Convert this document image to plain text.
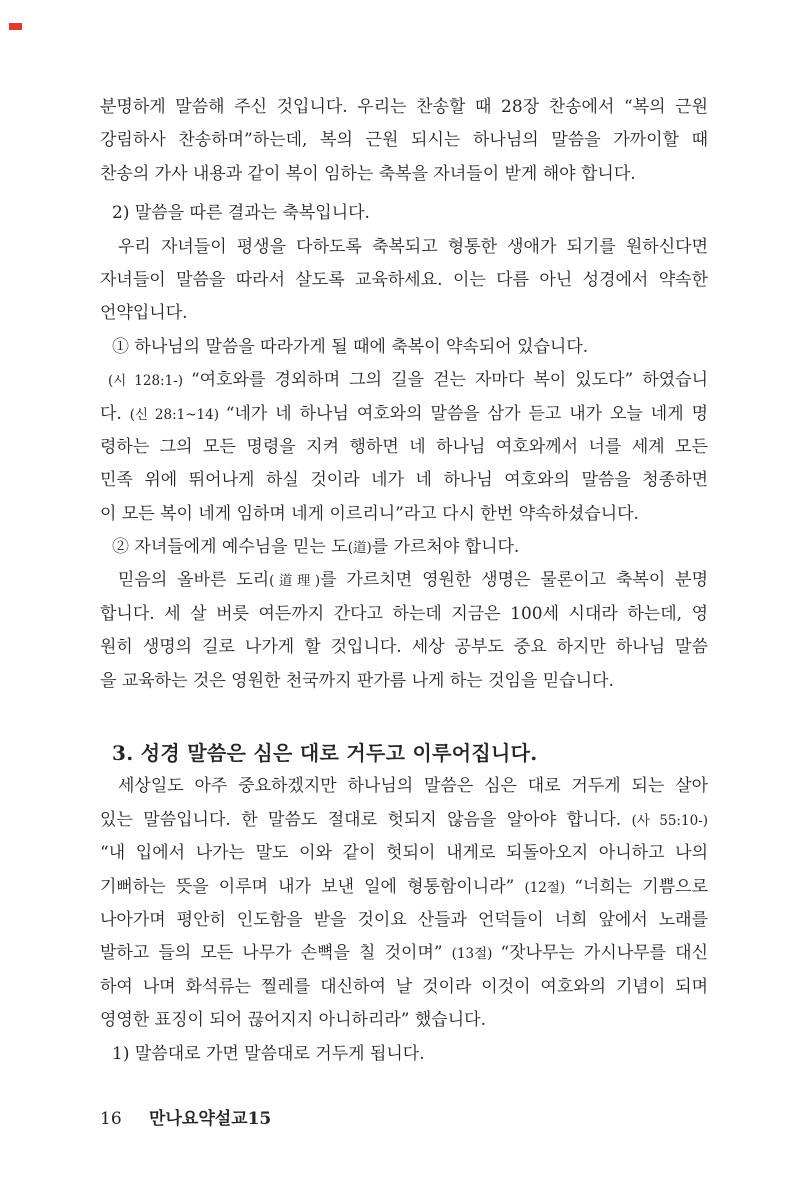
분명하게 말씀해 주신 것입니다. 우리는 찬송할 때 28장 찬송에서 “복의 근원
강림하사 찬송하며”하는데, 복의 근원 되시는 하나님의 말씀을 가까이할 때
찬송의 가사 내용과 같이 복이 임하는 축복을 자녀들이 받게 해야 합니다.
2) 말씀을 따른 결과는 축복입니다.
우리 자녀들이 평생을 다하도록 축복되고 형통한 생애가 되기를 원하신다면
자녀들이 말씀을 따라서 살도록 교육하세요. 이는 다름 아닌 성경에서 약속한
언약입니다.
① 하나님의 말씀을 따라가게 될 때에 축복이 약속되어 있습니다.
(시 128:1-) “여호와를 경외하며 그의 길을 걷는 자마다 복이 있도다” 하였습니
다. (신 28:1~14) “네가 네 하나님 여호와의 말씀을 삼가 듣고 내가 오늘 네게 명
령하는 그의 모든 명령을 지켜 행하면 네 하나님 여호와께서 너를 세계 모든
민족 위에 뛰어나게 하실 것이라 네가 네 하나님 여호와의 말씀을 청종하면
이 모든 복이 네게 임하며 네게 이르리니”라고 다시 한번 약속하셨습니다.
② 자녀들에게 예수님을 믿는 도(道)를 가르처야 합니다.
믿음의 올바른 도리(道理)를 가르치면 영원한 생명은 물론이고 축복이 분명
합니다. 세 살 버릇 여든까지 간다고 하는데 지금은 100세 시대라 하는데, 영
원히 생명의 길로 나가게 할 것입니다. 세상 공부도 중요 하지만 하나님 말씀
을 교육하는 것은 영원한 천국까지 판가름 나게 하는 것임을 믿습니다.
3. 성경 말씀은 심은 대로 거두고 이루어집니다.
세상일도 아주 중요하겠지만 하나님의 말씀은 심은 대로 거두게 되는 살아
있는 말씀입니다. 한 말씀도 절대로 헛되지 않음을 알아야 합니다. (사 55:10-)
“내 입에서 나가는 말도 이와 같이 헛되이 내게로 되돌아오지 아니하고 나의
기뻐하는 뜻을 이루며 내가 보낸 일에 형통함이니라” (12절) “너희는 기쁨으로
나아가며 평안히 인도함을 받을 것이요 산들과 언덕들이 너희 앞에서 노래를
발하고 들의 모든 나무가 손뼉을 칠 것이며” (13절) “잣나무는 가시나무를 대신
하여 나며 화석류는 찔레를 대신하여 날 것이라 이것이 여호와의 기념이 되며
영영한 표징이 되어 끊어지지 아니하리라” 했습니다.
1) 말씀대로 가면 말씀대로 거두게 됩니다.
16 만나요약설교15
